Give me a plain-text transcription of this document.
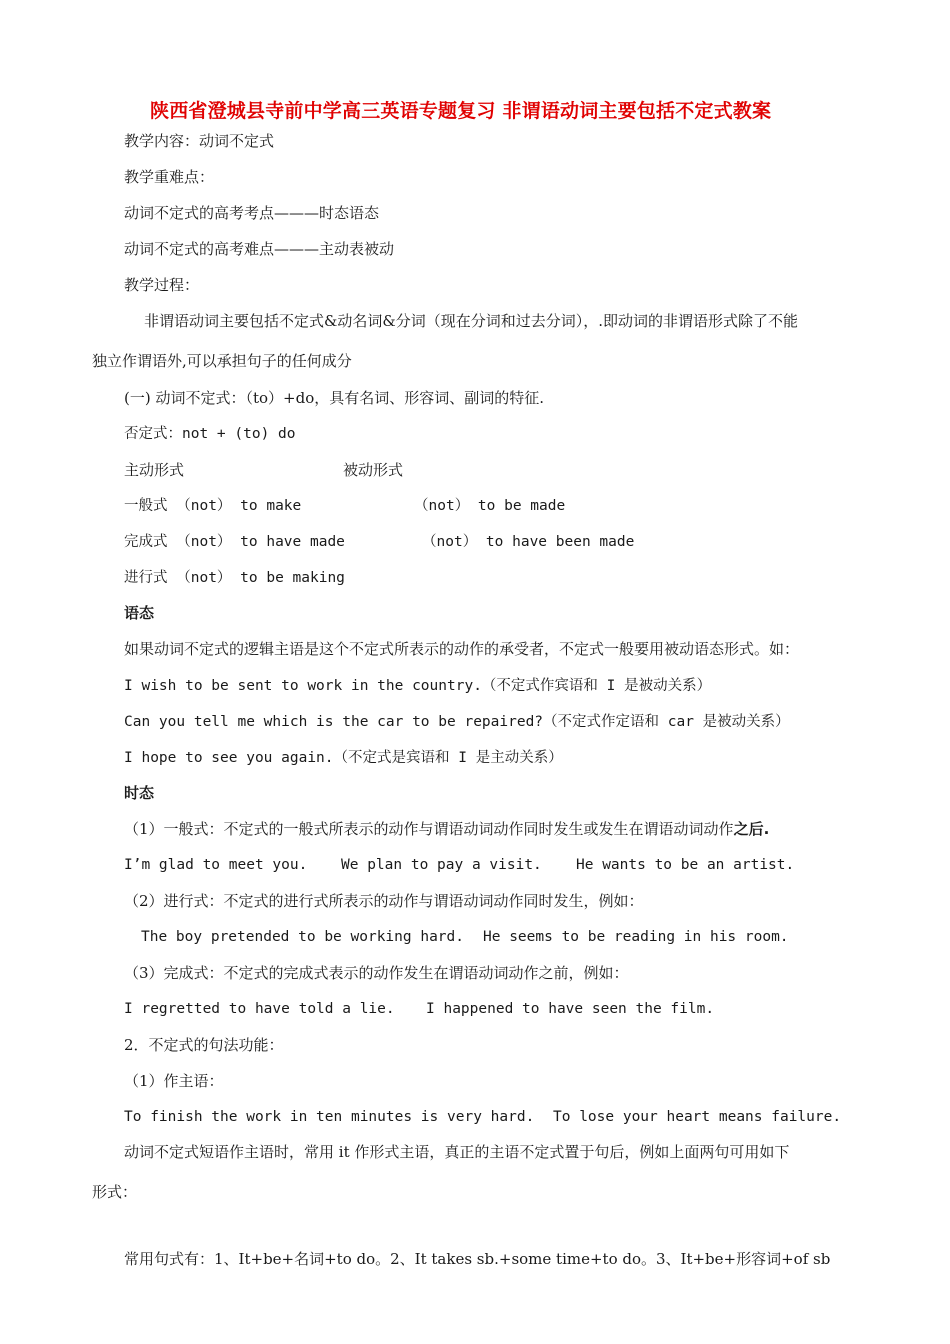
陕西省澄城县寺前中学高三英语专题复习 非谓语动词主要包括不定式教案
教学内容：动词不定式
教学重难点：
动词不定式的高考考点———时态语态
动词不定式的高考难点———主动表被动
教学过程：
非谓语动词主要包括不定式&动名词&分词（现在分词和过去分词），.即动词的非谓语形式除了不能
独立作谓语外,可以承担句子的任何成分
(一) 动词不定式：（to）+do，具有名词、形容词、副词的特征.
否定式：not + (to) do
主动形式	被动形式
一般式 （not） to make	（not） to be made
完成式 （not） to have made	（not） to have been made
进行式 （not） to be making
语态
如果动词不定式的逻辑主语是这个不定式所表示的动作的承受者，不定式一般要用被动语态形式。如：
I wish to be sent to work in the country.（不定式作宾语和 I 是被动关系）
Can you tell me which is the car to be repaired?（不定式作定语和 car 是被动关系）
I hope to see you again.（不定式是宾语和 I 是主动关系）
时态
（1）一般式：不定式的一般式所表示的动作与谓语动词动作同时发生或发生在谓语动词动作之后.
I’m glad to meet you. We plan to pay a visit. He wants to be an artist.
（2）进行式：不定式的进行式所表示的动作与谓语动词动作同时发生，例如：
The boy pretended to be working hard. He seems to be reading in his room.
（3）完成式：不定式的完成式表示的动作发生在谓语动词动作之前，例如：
I regretted to have told a lie. I happened to have seen the film.
2．不定式的句法功能：
（1）作主语：
To finish the work in ten minutes is very hard. To lose your heart means failure.
动词不定式短语作主语时，常用 it 作形式主语，真正的主语不定式置于句后，例如上面两句可用如下
形式：
常用句式有：1、It+be+名词+to do。2、It takes sb.+some time+to do。3、It+be+形容词+of sb
